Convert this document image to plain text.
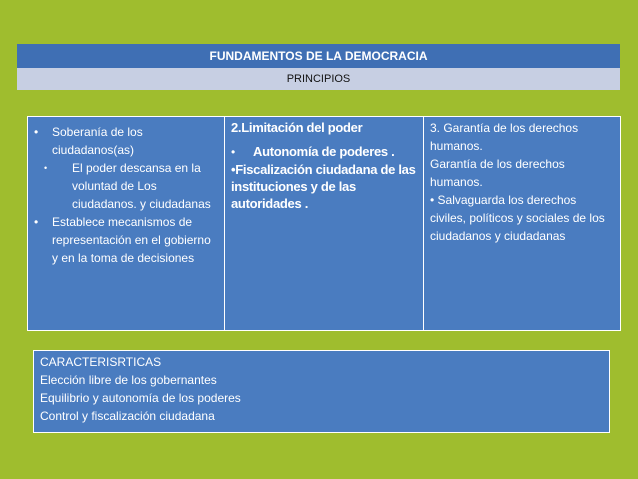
FUNDAMENTOS DE LA DEMOCRACIA
PRINCIPIOS
•	Soberanía de los ciudadanos(as)
•	El poder descansa en la voluntad de Los ciudadanos. y ciudadanas
•	Establece mecanismos de representación en el gobierno y en la toma de decisiones

2.Limitación del poder

•	Autonomía de poderes .

•Fiscalización ciudadana de las instituciones y de las autoridades .

3. Garantía de los derechos humanos.

Garantía de los derechos humanos.

• Salvaguarda los derechos civiles, políticos y sociales de los ciudadanos y ciudadanas

CARACTERISRTICAS
Elección libre de los gobernantes
Equilibrio y autonomía de los poderes
Control y fiscalización ciudadana
